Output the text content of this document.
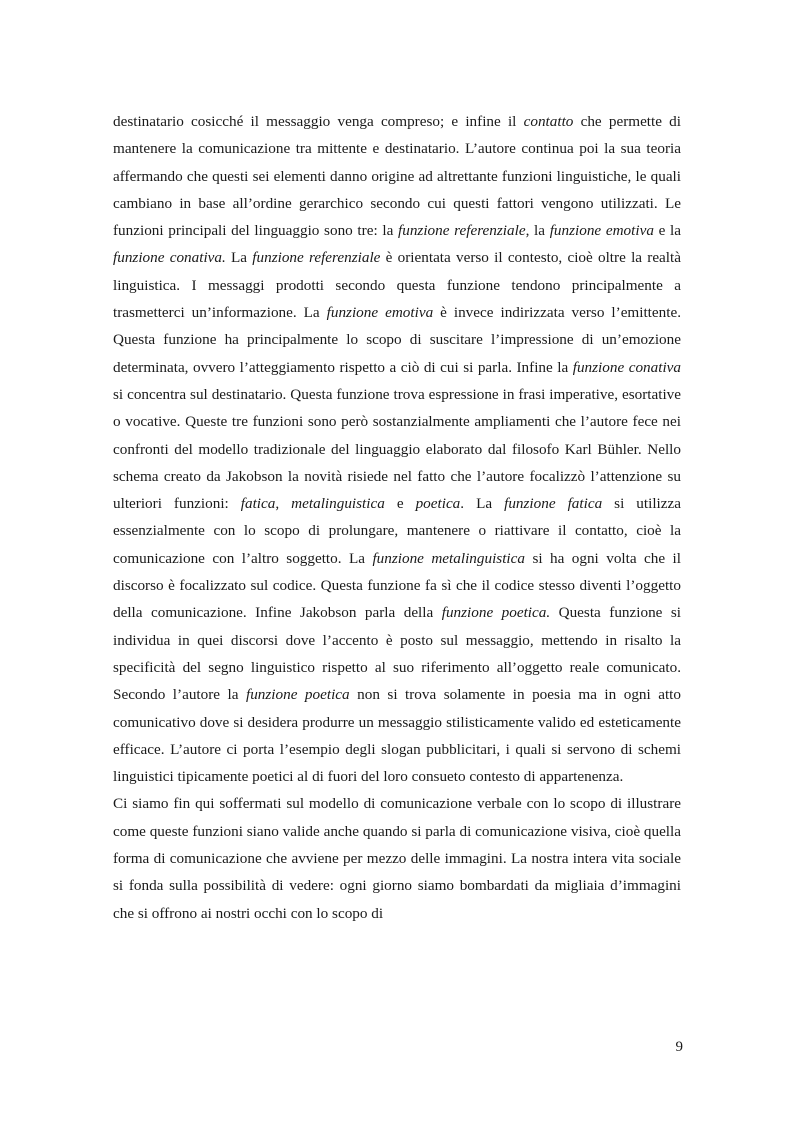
destinatario cosicché il messaggio venga compreso; e infine il contatto che permette di mantenere la comunicazione tra mittente e destinatario. L’autore continua poi la sua teoria affermando che questi sei elementi danno origine ad altrettante funzioni linguistiche, le quali cambiano in base all’ordine gerarchico secondo cui questi fattori vengono utilizzati. Le funzioni principali del linguaggio sono tre: la funzione referenziale, la funzione emotiva e la funzione conativa. La funzione referenziale è orientata verso il contesto, cioè oltre la realtà linguistica. I messaggi prodotti secondo questa funzione tendono principalmente a trasmetterci un’informazione. La funzione emotiva è invece indirizzata verso l’emittente. Questa funzione ha principalmente lo scopo di suscitare l’impressione di un’emozione determinata, ovvero l’atteggiamento rispetto a ciò di cui si parla. Infine la funzione conativa si concentra sul destinatario. Questa funzione trova espressione in frasi imperative, esortative o vocative. Queste tre funzioni sono però sostanzialmente ampliamenti che l’autore fece nei confronti del modello tradizionale del linguaggio elaborato dal filosofo Karl Bühler. Nello schema creato da Jakobson la novità risiede nel fatto che l’autore focalizzò l’attenzione su ulteriori funzioni: fatica, metalinguistica e poetica. La funzione fatica si utilizza essenzialmente con lo scopo di prolungare, mantenere o riattivare il contatto, cioè la comunicazione con l’altro soggetto. La funzione metalinguistica si ha ogni volta che il discorso è focalizzato sul codice. Questa funzione fa sì che il codice stesso diventi l’oggetto della comunicazione. Infine Jakobson parla della funzione poetica. Questa funzione si individua in quei discorsi dove l’accento è posto sul messaggio, mettendo in risalto la specificità del segno linguistico rispetto al suo riferimento all’oggetto reale comunicato. Secondo l’autore la funzione poetica non si trova solamente in poesia ma in ogni atto comunicativo dove si desidera produrre un messaggio stilisticamente valido ed esteticamente efficace. L’autore ci porta l’esempio degli slogan pubblicitari, i quali si servono di schemi linguistici tipicamente poetici al di fuori del loro consueto contesto di appartenenza.

Ci siamo fin qui soffermati sul modello di comunicazione verbale con lo scopo di illustrare come queste funzioni siano valide anche quando si parla di comunicazione visiva, cioè quella forma di comunicazione che avviene per mezzo delle immagini. La nostra intera vita sociale si fonda sulla possibilità di vedere: ogni giorno siamo bombardati da migliaia d’immagini che si offrono ai nostri occhi con lo scopo di

9
